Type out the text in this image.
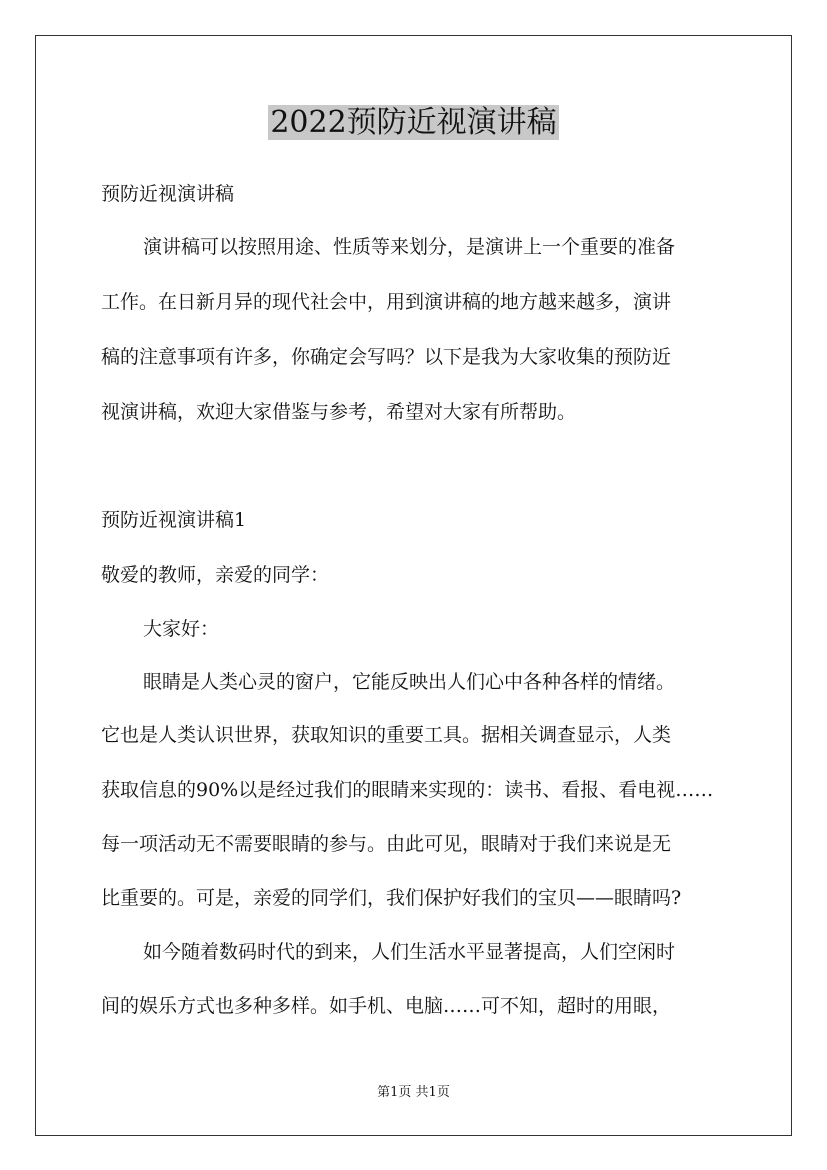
2022预防近视演讲稿

预防近视演讲稿

演讲稿可以按照用途、性质等来划分，是演讲上一个重要的准备

工作。在日新月异的现代社会中，用到演讲稿的地方越来越多，演讲

稿的注意事项有许多，你确定会写吗？以下是我为大家收集的预防近

视演讲稿，欢迎大家借鉴与参考，希望对大家有所帮助。

预防近视演讲稿1

敬爱的教师，亲爱的同学：

大家好：

眼睛是人类心灵的窗户，它能反映出人们心中各种各样的情绪。

它也是人类认识世界，获取知识的重要工具。据相关调查显示，人类

获取信息的90%以是经过我们的眼睛来实现的：读书、看报、看电视……

每一项活动无不需要眼睛的参与。由此可见，眼睛对于我们来说是无

比重要的。可是，亲爱的同学们，我们保护好我们的宝贝——眼睛吗?

如今随着数码时代的到来，人们生活水平显著提高，人们空闲时

间的娱乐方式也多种多样。如手机、电脑……可不知，超时的用眼，

第1页 共1页
